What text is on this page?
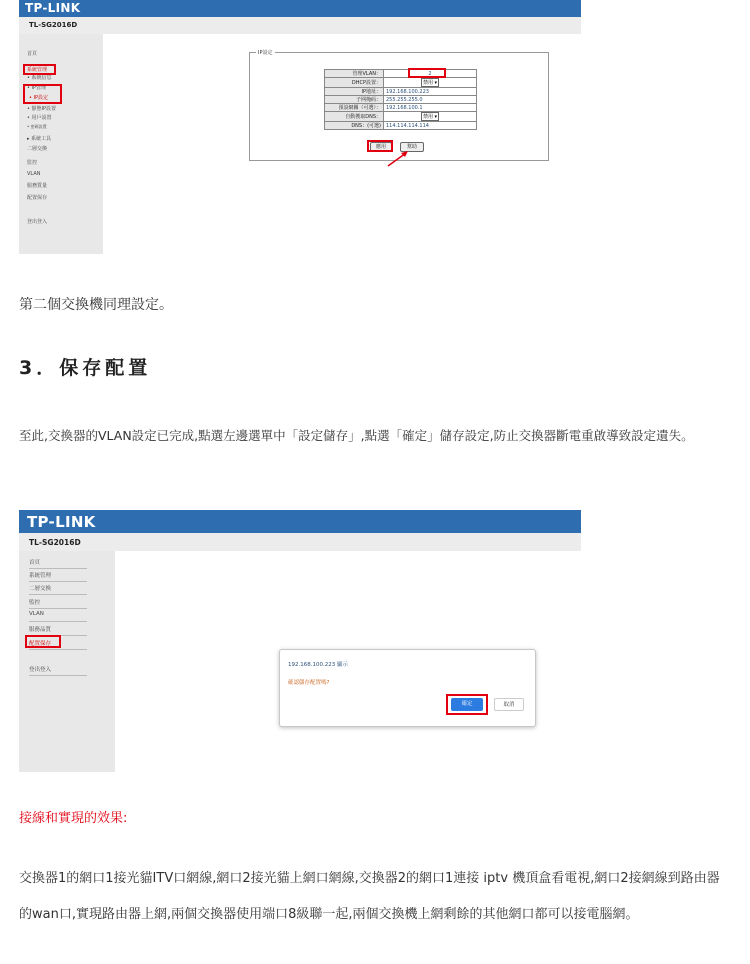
TP-LINK
TL-SG2016D
首頁
系統管理
• 系統信息
• IP管理
• IP設定
• 靜態IP設置
• 用戶設置
• 密碼設置
▸ 系統工具
二層交換
監控
VLAN
服務質量
配置保存
登出登入
IP設定
管理VLAN：	2
DHCP設置：	禁用 ▾
IP地址：	192.168.100.223
子网掩码：	255.255.255.0
預設網關（可選）：	192.168.100.1
自動獲取DNS：	禁用 ▾
DNS：(可選)	114.114.114.114
應用	幫助
第二個交換機同理設定。
3．保存配置
至此,交換器的VLAN設定已完成,點選左邊選單中「設定儲存」,點選「確定」儲存設定,防止交換器斷電重啟導致設定遺失。
TP-LINK
TL-SG2016D
首頁
系統管理
二層交換
監控
VLAN
服務品質
配置保存
登出登入
192.168.100.223 顯示
確認儲存配置嗎?
確定	取消
接線和實現的效果:
交換器1的網口1接光貓ITV口網線,網口2接光貓上網口網線,交換器2的網口1連接 iptv 機頂盒看電視,網口2接網線到路由器的wan口,實現路由器上網,兩個交換器使用端口8級聯一起,兩個交換機上網剩餘的其他網口都可以接電腦網。
